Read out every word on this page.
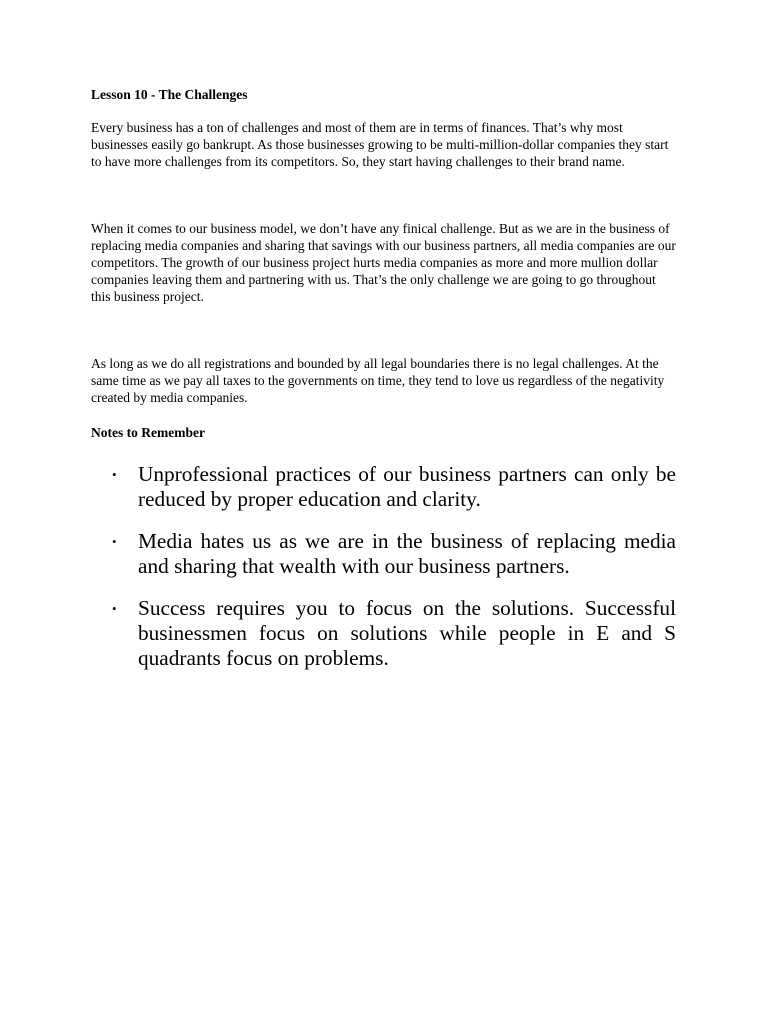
Lesson 10 - The Challenges

Every business has a ton of challenges and most of them are in terms of finances. That’s why most businesses easily go bankrupt. As those businesses growing to be multi-million-dollar companies they start to have more challenges from its competitors. So, they start having challenges to their brand name.

When it comes to our business model, we don’t have any finical challenge. But as we are in the business of replacing media companies and sharing that savings with our business partners, all media companies are our competitors. The growth of our business project hurts media companies as more and more mullion dollar companies leaving them and partnering with us. That’s the only challenge we are going to go throughout this business project.

As long as we do all registrations and bounded by all legal boundaries there is no legal challenges. At the same time as we pay all taxes to the governments on time, they tend to love us regardless of the negativity created by media companies.

Notes to Remember

• Unprofessional practices of our business partners can only be reduced by proper education and clarity.
• Media hates us as we are in the business of replacing media and sharing that wealth with our business partners.
• Success requires you to focus on the solutions. Successful businessmen focus on solutions while people in E and S quadrants focus on problems.
